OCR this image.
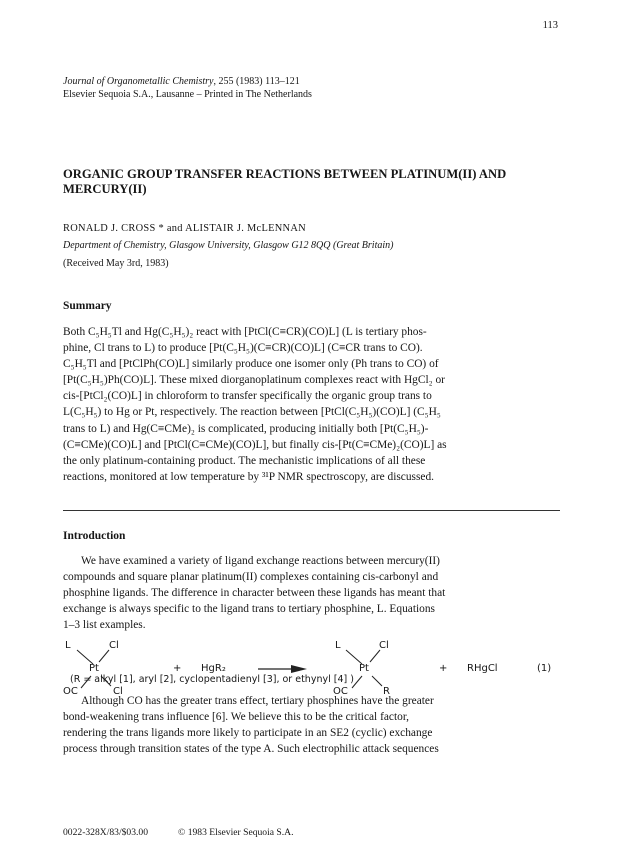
113
Journal of Organometallic Chemistry, 255 (1983) 113–121
Elsevier Sequoia S.A., Lausanne – Printed in The Netherlands
ORGANIC GROUP TRANSFER REACTIONS BETWEEN PLATINUM(II) AND MERCURY(II)
RONALD J. CROSS * and ALISTAIR J. McLENNAN
Department of Chemistry, Glasgow University, Glasgow G12 8QQ (Great Britain)
(Received May 3rd, 1983)
Summary
Both C₅H₅Tl and Hg(C₅H₅)₂ react with [PtCl(C≡CR)(CO)L] (L is tertiary phos-
phine, Cl trans to L) to produce [Pt(C₅H₅)(C≡CR)(CO)L] (C≡CR trans to CO).
C₅H₅Tl and [PtClPh(CO)L] similarly produce one isomer only (Ph trans to CO) of
[Pt(C₅H₅)Ph(CO)L]. These mixed diorganoplatinum complexes react with HgCl₂ or
cis-[PtCl₂(CO)L] in chloroform to transfer specifically the organic group trans to
L(C₅H₅) to Hg or Pt, respectively. The reaction between [PtCl(C₅H₅)(CO)L] (C₅H₅
trans to L) and Hg(C≡CMe)₂ is complicated, producing initially both [Pt(C₅H₅)-
(C≡CMe)(CO)L] and [PtCl(C≡CMe)(CO)L], but finally cis-[Pt(C≡CMe)₂(CO)L] as
the only platinum-containing product. The mechanistic implications of all these
reactions, monitored at low temperature by ³¹P NMR spectroscopy, are discussed.
Introduction
We have examined a variety of ligand exchange reactions between mercury(II)
compounds and square planar platinum(II) complexes containing cis-carbonyl and
phosphine ligands. The difference in character between these ligands has meant that
exchange is always specific to the ligand trans to tertiary phosphine, L. Equations
1–3 list examples.
L	Cl
Pt
OC	Cl
+ HgR₂
L	Cl
Pt
OC	R
+ RHgCl	(1)
(R = alkyl [1], aryl [2], cyclopentadienyl [3], or ethynyl [4] )
Although CO has the greater trans effect, tertiary phosphines have the greater
bond-weakening trans influence [6]. We believe this to be the critical factor,
rendering the trans ligands more likely to participate in an SE2 (cyclic) exchange
process through transition states of the type A. Such electrophilic attack sequences
0022-328X/83/$03.00	© 1983 Elsevier Sequoia S.A.
